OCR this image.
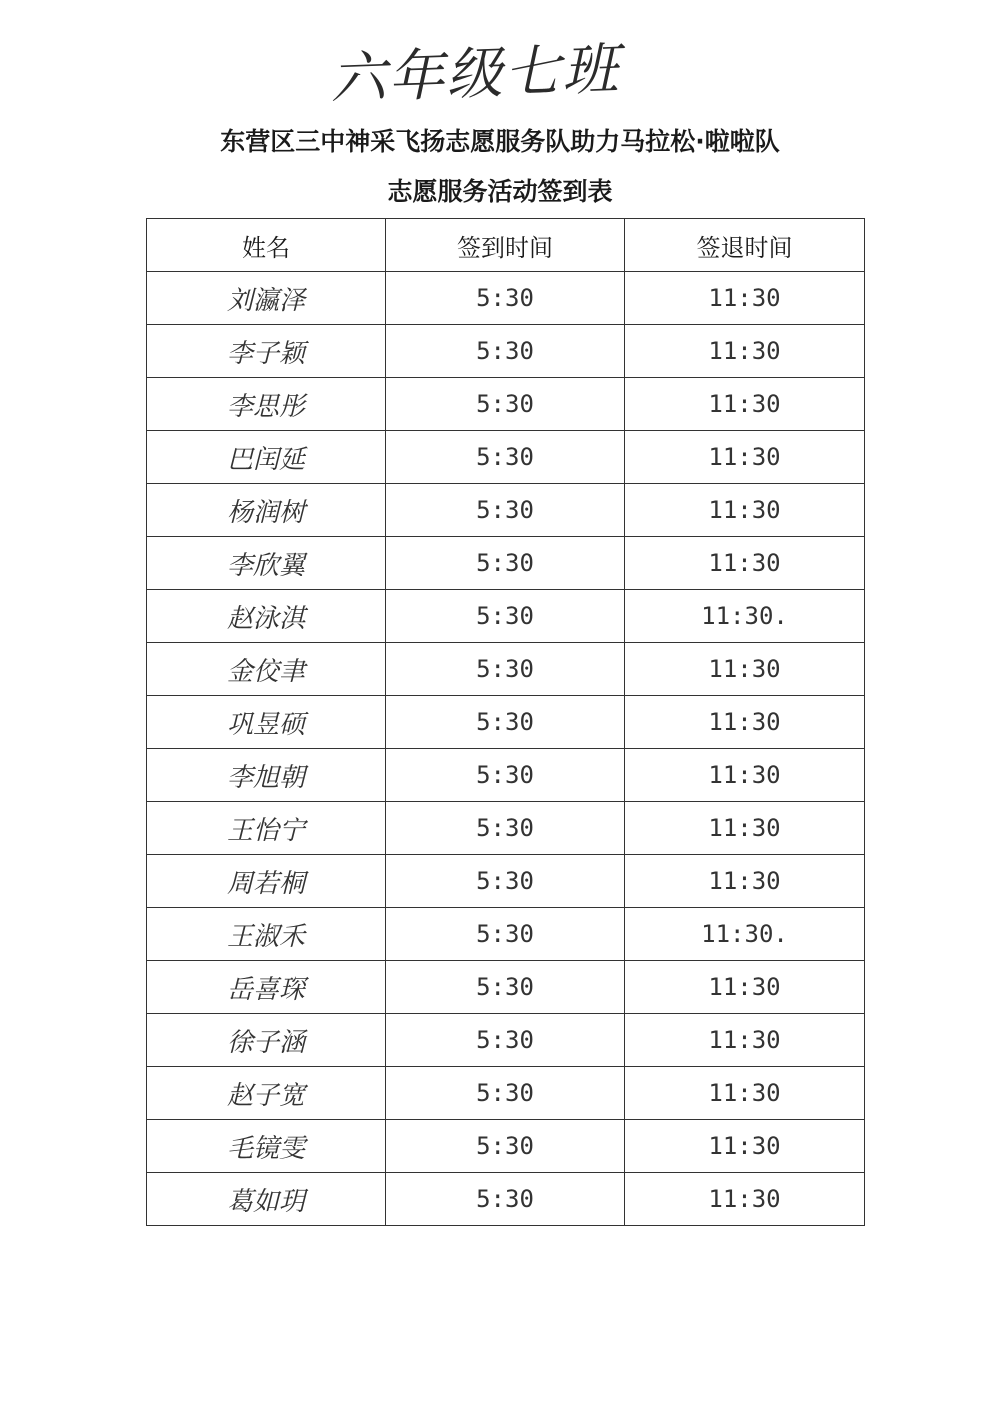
六年级七班

东营区三中神采飞扬志愿服务队助力马拉松·啦啦队
志愿服务活动签到表
姓名	签到时间	签退时间
刘瀛泽	5:30	11:30
李子颖	5:30	11:30
李思彤	5:30	11:30
巴闰延	5:30	11:30
杨润树	5:30	11:30
李欣翼	5:30	11:30
赵泳淇	5:30	11:30.
金佼聿	5:30	11:30
巩昱硕	5:30	11:30
李旭朝	5:30	11:30
王怡宁	5:30	11:30
周若桐	5:30	11:30
王淑禾	5:30	11:30.
岳喜琛	5:30	11:30
徐子涵	5:30	11:30
赵子宽	5:30	11:30
毛镜雯	5:30	11:30
葛如玥	5:30	11:30
